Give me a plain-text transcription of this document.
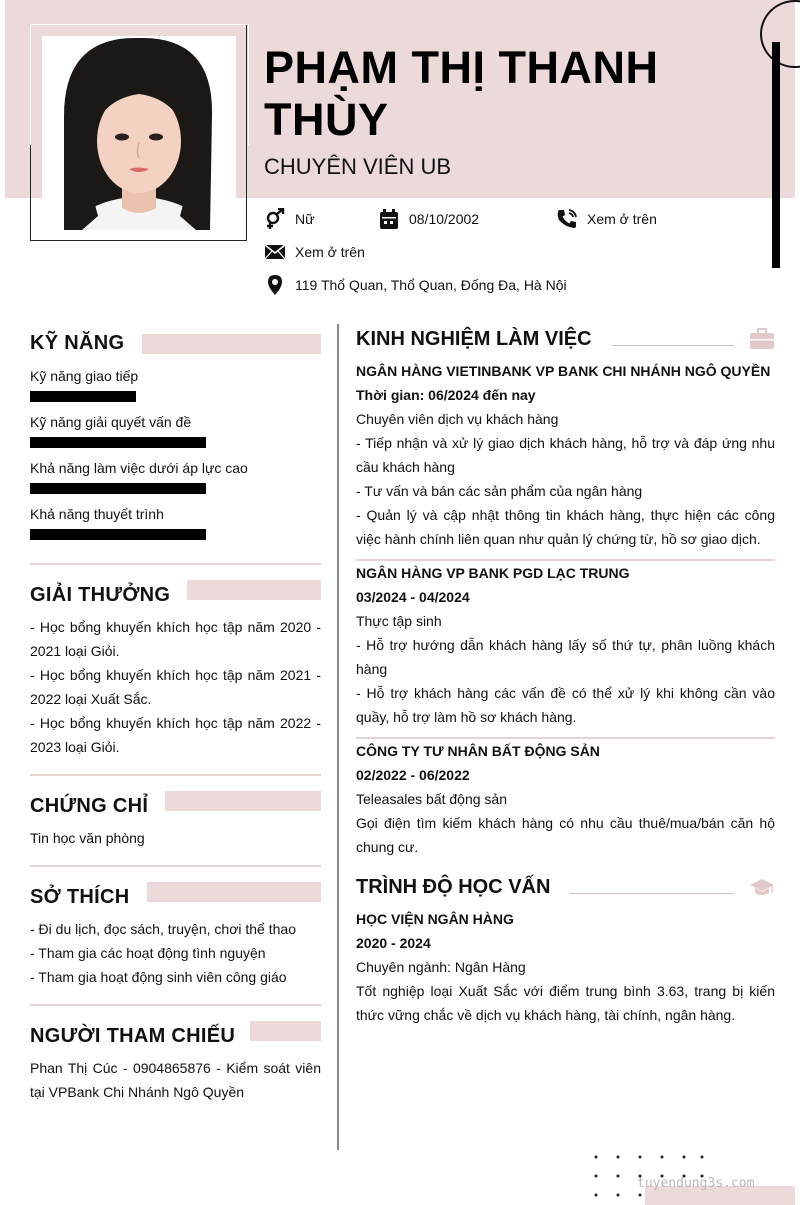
PHẠM THỊ THANH THÙY
CHUYÊN VIÊN UB
Nữ	08/10/2002	Xem ở trên
Xem ở trên
119 Thổ Quan, Thổ Quan, Đống Đa, Hà Nội
KỸ NĂNG
Kỹ năng giao tiếp
Kỹ năng giải quyết vấn đề
Khả năng làm việc dưới áp lực cao
Khả năng thuyết trình
GIẢI THƯỞNG
- Học bổng khuyến khích học tập năm 2020 - 2021 loại Giỏi.
- Học bổng khuyến khích học tập năm 2021 - 2022 loại Xuất Sắc.
- Học bổng khuyến khích học tập năm 2022 - 2023 loại Giỏi.
CHỨNG CHỈ
Tin học văn phòng
SỞ THÍCH
- Đi du lịch, đọc sách, truyện, chơi thể thao
- Tham gia các hoạt động tình nguyện
- Tham gia hoạt động sinh viên công giáo
NGƯỜI THAM CHIẾU
Phan Thị Cúc - 0904865876 - Kiểm soát viên tại VPBank Chi Nhánh Ngô Quyền
KINH NGHIỆM LÀM VIỆC
NGÂN HÀNG VIETINBANK VP BANK CHI NHÁNH NGÔ QUYỀN
Thời gian: 06/2024 đến nay
Chuyên viên dịch vụ khách hàng
- Tiếp nhận và xử lý giao dịch khách hàng, hỗ trợ và đáp ứng nhu cầu khách hàng
- Tư vấn và bán các sản phẩm của ngân hàng
- Quản lý và cập nhật thông tin khách hàng, thực hiện các công việc hành chính liên quan như quản lý chứng từ, hồ sơ giao dịch.
NGÂN HÀNG VP BANK PGD LẠC TRUNG
03/2024 - 04/2024
Thực tập sinh
- Hỗ trợ hướng dẫn khách hàng lấy số thứ tự, phân luồng khách hàng
- Hỗ trợ khách hàng các vấn đề có thể xử lý khi không cần vào quầy, hỗ trợ làm hồ sơ khách hàng.
CÔNG TY TƯ NHÂN BẤT ĐỘNG SẢN
02/2022 - 06/2022
Teleasales bất động sản
Gọi điện tìm kiếm khách hàng có nhu cầu thuê/mua/bán căn hộ chung cư.
TRÌNH ĐỘ HỌC VẤN
HỌC VIỆN NGÂN HÀNG
2020 - 2024
Chuyên ngành: Ngân Hàng
Tốt nghiệp loại Xuất Sắc với điểm trung bình 3.63, trang bị kiến thức vững chắc về dịch vụ khách hàng, tài chính, ngân hàng.
tuyendung3s.com
